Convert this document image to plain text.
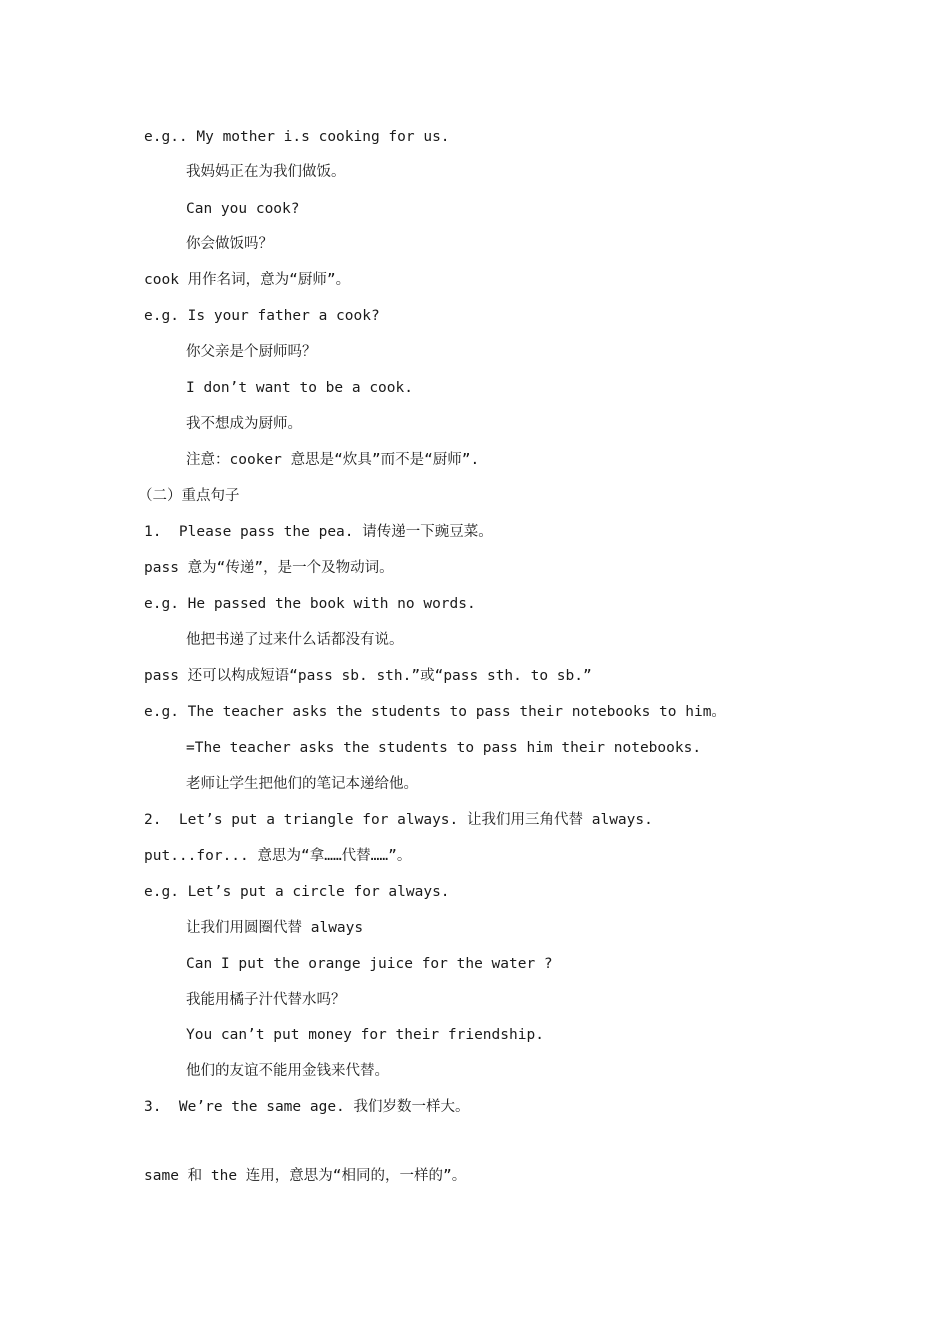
e.g.. My mother i.s cooking for us.
我妈妈正在为我们做饭。
Can you cook?
你会做饭吗？
cook 用作名词，意为“厨师”。
e.g. Is your father a cook?
你父亲是个厨师吗？
I don’t want to be a cook.
我不想成为厨师。
注意：cooker 意思是“炊具”而不是“厨师”.
（二）重点句子
1.  Please pass the pea. 请传递一下豌豆菜。
pass 意为“传递”，是一个及物动词。
e.g. He passed the book with no words.
他把书递了过来什么话都没有说。
pass 还可以构成短语“pass sb. sth.”或“pass sth. to sb.”
e.g. The teacher asks the students to pass their notebooks to him。
=The teacher asks the students to pass him their notebooks.
老师让学生把他们的笔记本递给他。
2.  Let’s put a triangle for always. 让我们用三角代替 always.
put...for... 意思为“拿……代替……”。
e.g. Let’s put a circle for always.
让我们用圆圈代替 always
Can I put the orange juice for the water ?
我能用橘子汁代替水吗？
You can’t put money for their friendship.
他们的友谊不能用金钱来代替。
3.  We’re the same age. 我们岁数一样大。
same 和 the 连用，意思为“相同的，一样的”。
